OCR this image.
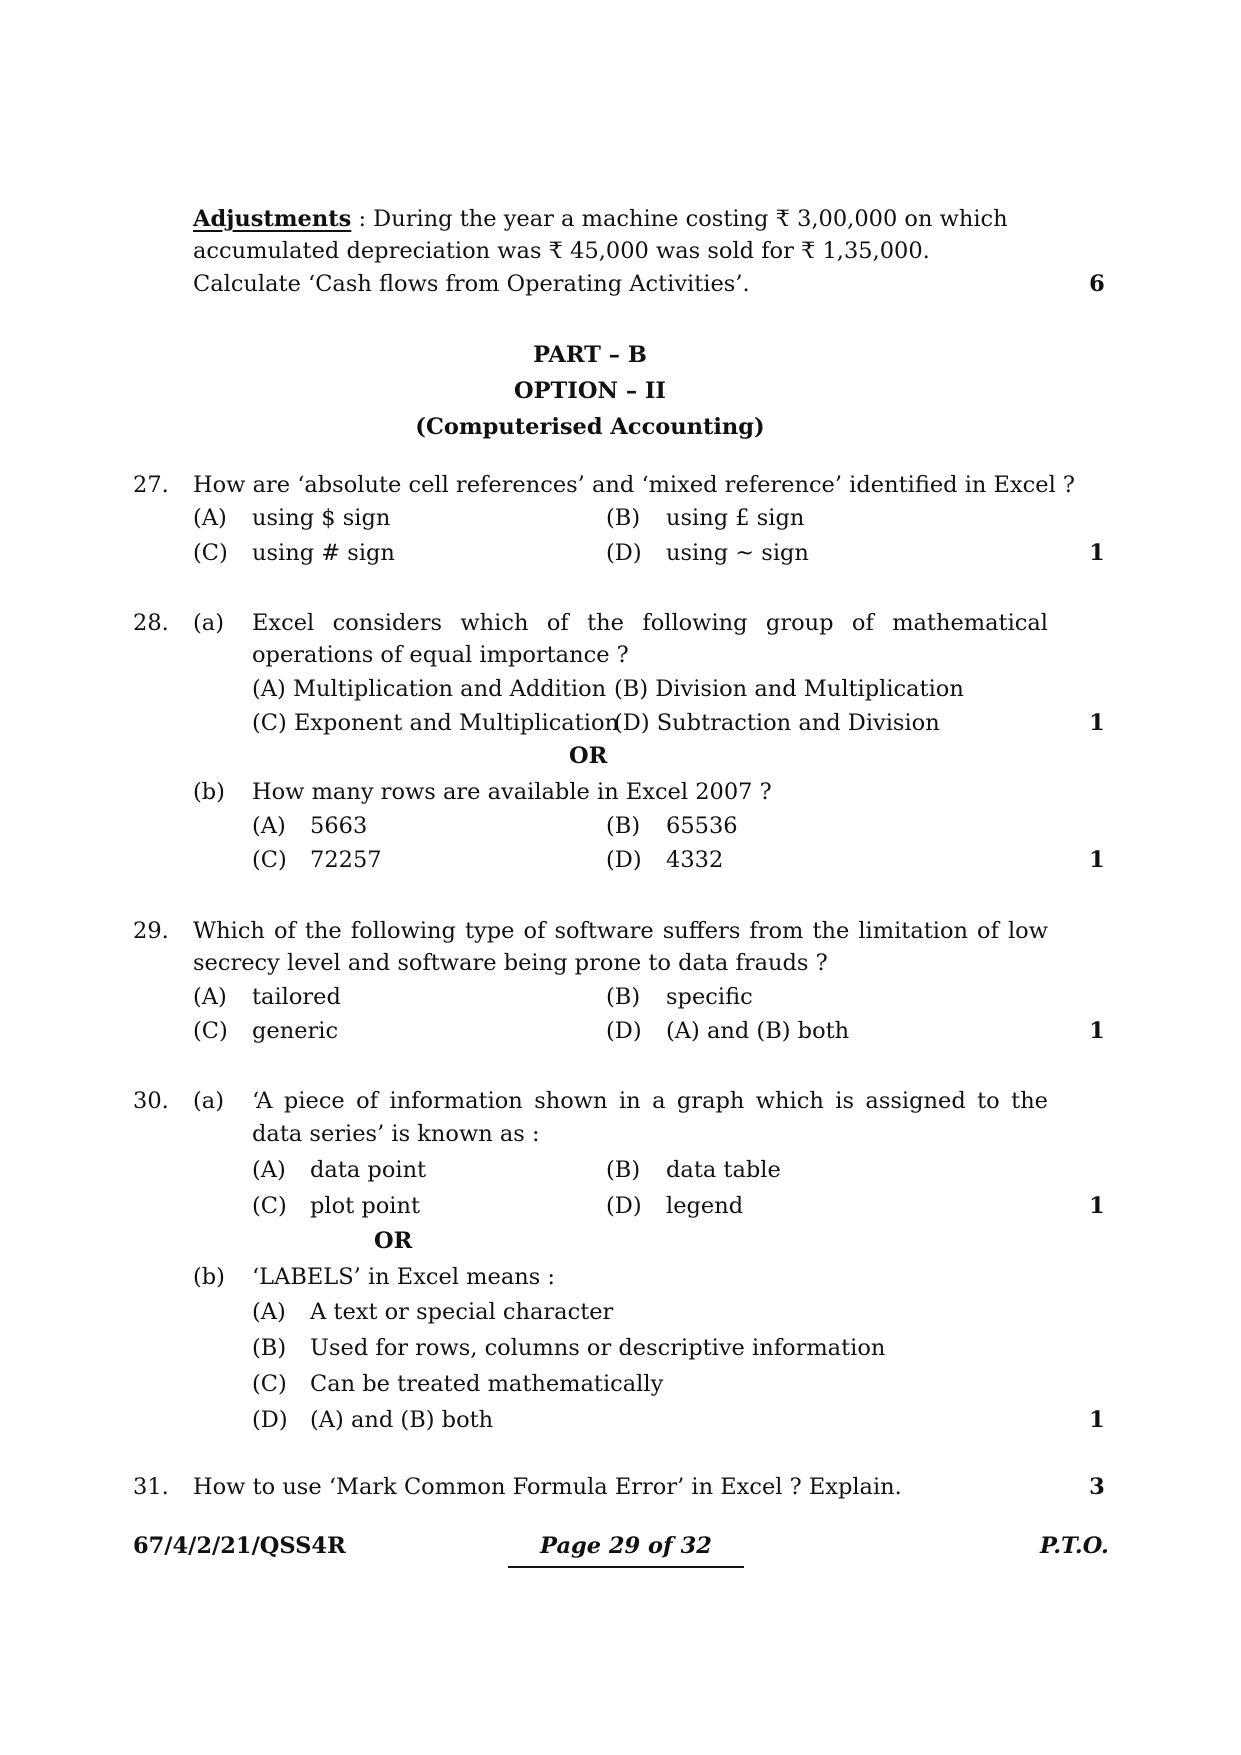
Adjustments : During the year a machine costing ₹ 3,00,000 on which
accumulated depreciation was ₹ 45,000 was sold for ₹ 1,35,000.
Calculate ‘Cash flows from Operating Activities’.	6
PART – B
OPTION – II
(Computerised Accounting)
27. How are ‘absolute cell references’ and ‘mixed reference’ identified in Excel ?
(A) using $ sign	(B) using £ sign
(C) using # sign	(D) using ~ sign	1
28. (a) Excel considers which of the following group of mathematical
operations of equal importance ?
(A) Multiplication and Addition (B) Division and Multiplication
(C) Exponent and Multiplication
(D) Subtraction and Division	1
OR
(b) How many rows are available in Excel 2007 ?
(A) 5663	(B) 65536
(C) 72257	(D) 4332	1
29. Which of the following type of software suffers from the limitation of low
secrecy level and software being prone to data frauds ?
(A) tailored	(B) specific
(C) generic	(D) (A) and (B) both	1
30. (a) ‘A piece of information shown in a graph which is assigned to the
data series’ is known as :
(A) data point	(B) data table
(C) plot point	(D) legend	1
OR
(b) ‘LABELS’ in Excel means :
(A) A text or special character
(B) Used for rows, columns or descriptive information
(C) Can be treated mathematically
(D) (A) and (B) both	1
31. How to use ‘Mark Common Formula Error’ in Excel ? Explain.	3
67/4/2/21/QSS4R	Page 29 of 32	P.T.O.
